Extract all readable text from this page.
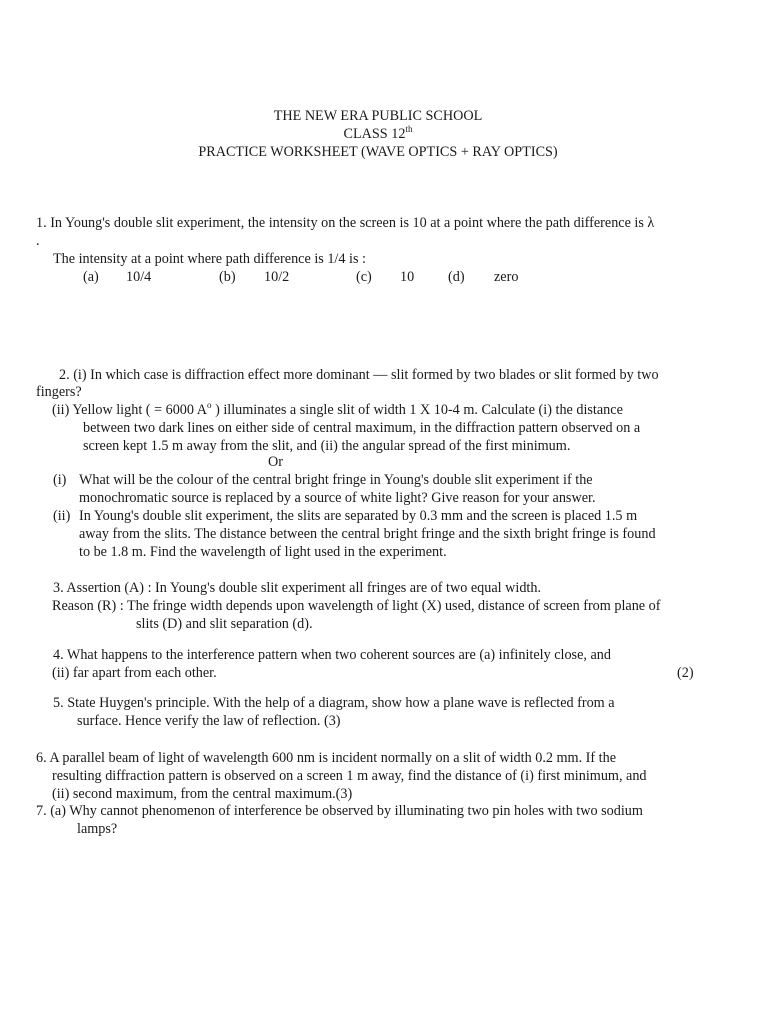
THE NEW ERA PUBLIC SCHOOL
CLASS 12th
PRACTICE WORKSHEET (WAVE OPTICS + RAY OPTICS)
1. In Young's double slit experiment, the intensity on the screen is 10 at a point where the path difference is λ
.
The intensity at a point where path difference is 1/4 is :
(a) 10/4	(b) 10/2	(c) 10 (d) zero
2. (i) In which case is diffraction effect more dominant — slit formed by two blades or slit formed by two
fingers?
(ii) Yellow light ( = 6000 $A^o$ ) illuminates a single slit of width 1 X 10-4 m. Calculate (i) the distance
between two dark lines on either side of central maximum, in the diffraction pattern observed on a
screen kept 1.5 m away from the slit, and (ii) the angular spread of the first minimum.
Or
(i) What will be the colour of the central bright fringe in Young's double slit experiment if the
monochromatic source is replaced by a source of white light? Give reason for your answer.
(ii) In Young's double slit experiment, the slits are separated by 0.3 mm and the screen is placed 1.5 m
away from the slits. The distance between the central bright fringe and the sixth bright fringe is found
to be 1.8 m. Find the wavelength of light used in the experiment.
3. Assertion (A) : In Young's double slit experiment all fringes are of two equal width.
Reason (R) : The fringe width depends upon wavelength of light (X) used, distance of screen from plane of
slits (D) and slit separation (d).
4. What happens to the interference pattern when two coherent sources are (a) infinitely close, and
(ii) far apart from each other.	(2)
5. State Huygen's principle. With the help of a diagram, show how a plane wave is reflected from a
surface. Hence verify the law of reflection. (3)
6. A parallel beam of light of wavelength 600 nm is incident normally on a slit of width 0.2 mm. If the
resulting diffraction pattern is observed on a screen 1 m away, find the distance of (i) first minimum, and
(ii) second maximum, from the central maximum.(3)
7. (a) Why cannot phenomenon of interference be observed by illuminating two pin holes with two sodium
lamps?
